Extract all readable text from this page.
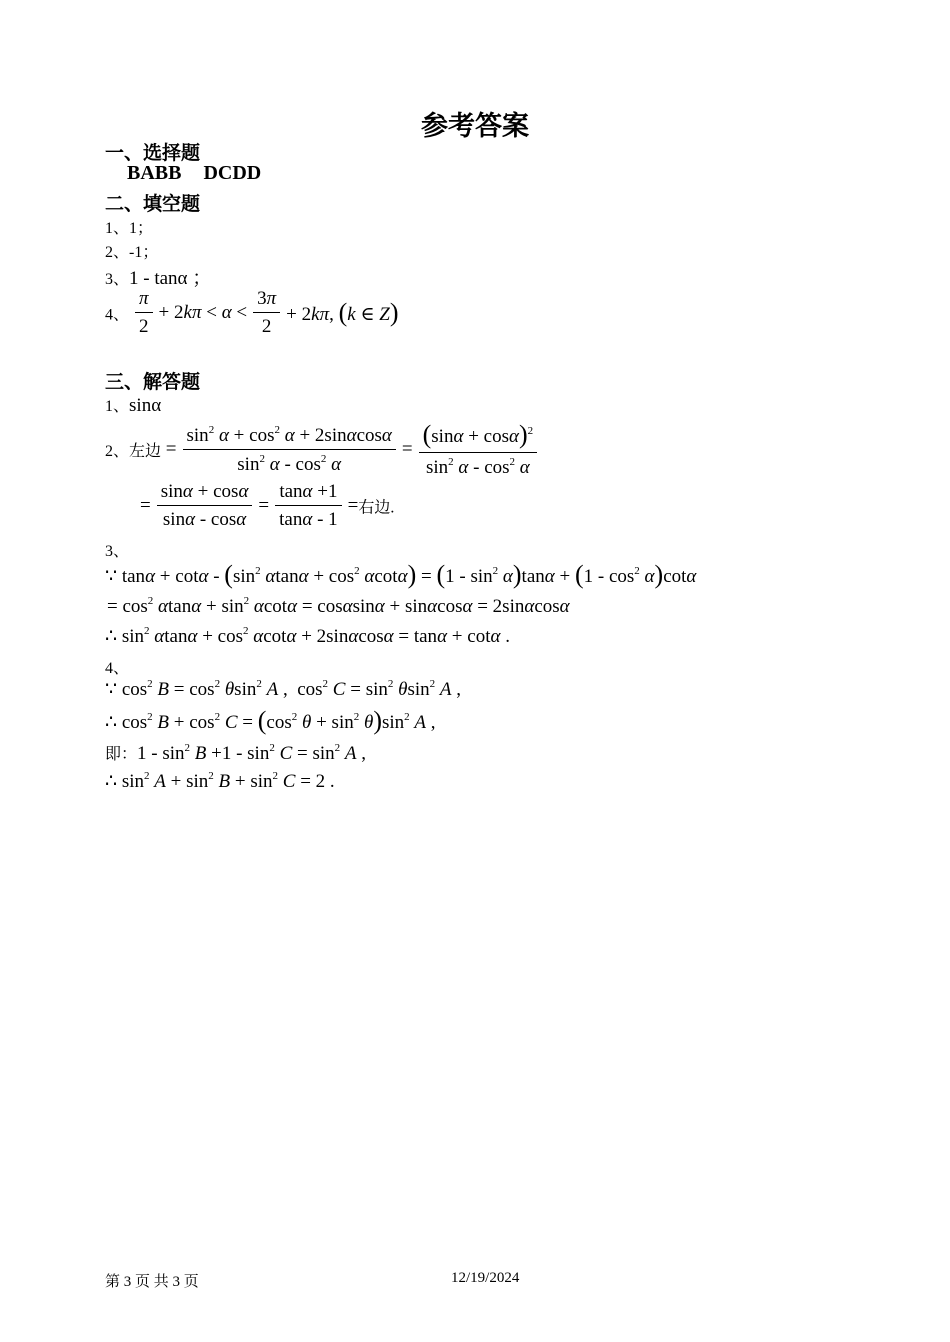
参考答案
一、选择题
BABB DCDD
二、填空题
1、1；
2、-1；
3、1 - tanα ；
4、 $\frac{\pi}{2} + 2k\pi < \alpha < \frac{3\pi}{2} + 2k\pi$, (k ∈ Z)
三、解答题
1、sinα
2、左边 = $\frac{\sin^2 \alpha + \cos^2 \alpha + 2\sin\alpha\cos\alpha}{\sin^2 \alpha - \cos^2 \alpha} = \frac{(\sin\alpha + \cos\alpha)^2}{\sin^2 \alpha - \cos^2 \alpha}$
= $\frac{\sin\alpha + \cos\alpha}{\sin\alpha - \cos\alpha} = \frac{\tan\alpha +1}{\tan\alpha - 1}$ =右边.
3、
∵ $\tan\alpha + \cot\alpha - (\sin^2$ $\alpha\tan\alpha + \cos^2 \alpha\cot\alpha) = (1 - \sin^2 \alpha)\tan\alpha + (1 - \cos^2 \alpha)\cot\alpha$
= $\cos^2 \alpha\tan\alpha + \sin^2 \alpha\cot\alpha = \cos\alpha\sin\alpha + \sin\alpha\cos\alpha = 2\sin\alpha\cos\alpha$
∴ $\sin^2 \alpha\tan\alpha + \cos^2 \alpha\cot\alpha + 2\sin\alpha\cos\alpha = \tan\alpha + \cot\alpha$ .
4、
∵ $\cos^2 B = \cos^2 \theta\sin^2$ A ,  $\cos^2 C = \sin^2 \theta\sin^2$ A ,
∴ $\cos^2 B + \cos^2 C = (\cos^2$ $\theta + \sin^2 \theta)\sin^2$ A ,
即：$1 - \sin^2 B +1 - \sin^2 C = \sin^2 A$ ,
∴ $\sin^2 A + \sin^2 B + \sin^2 C = 2$ .
第 3 页 共 3 页	12/19/2024
